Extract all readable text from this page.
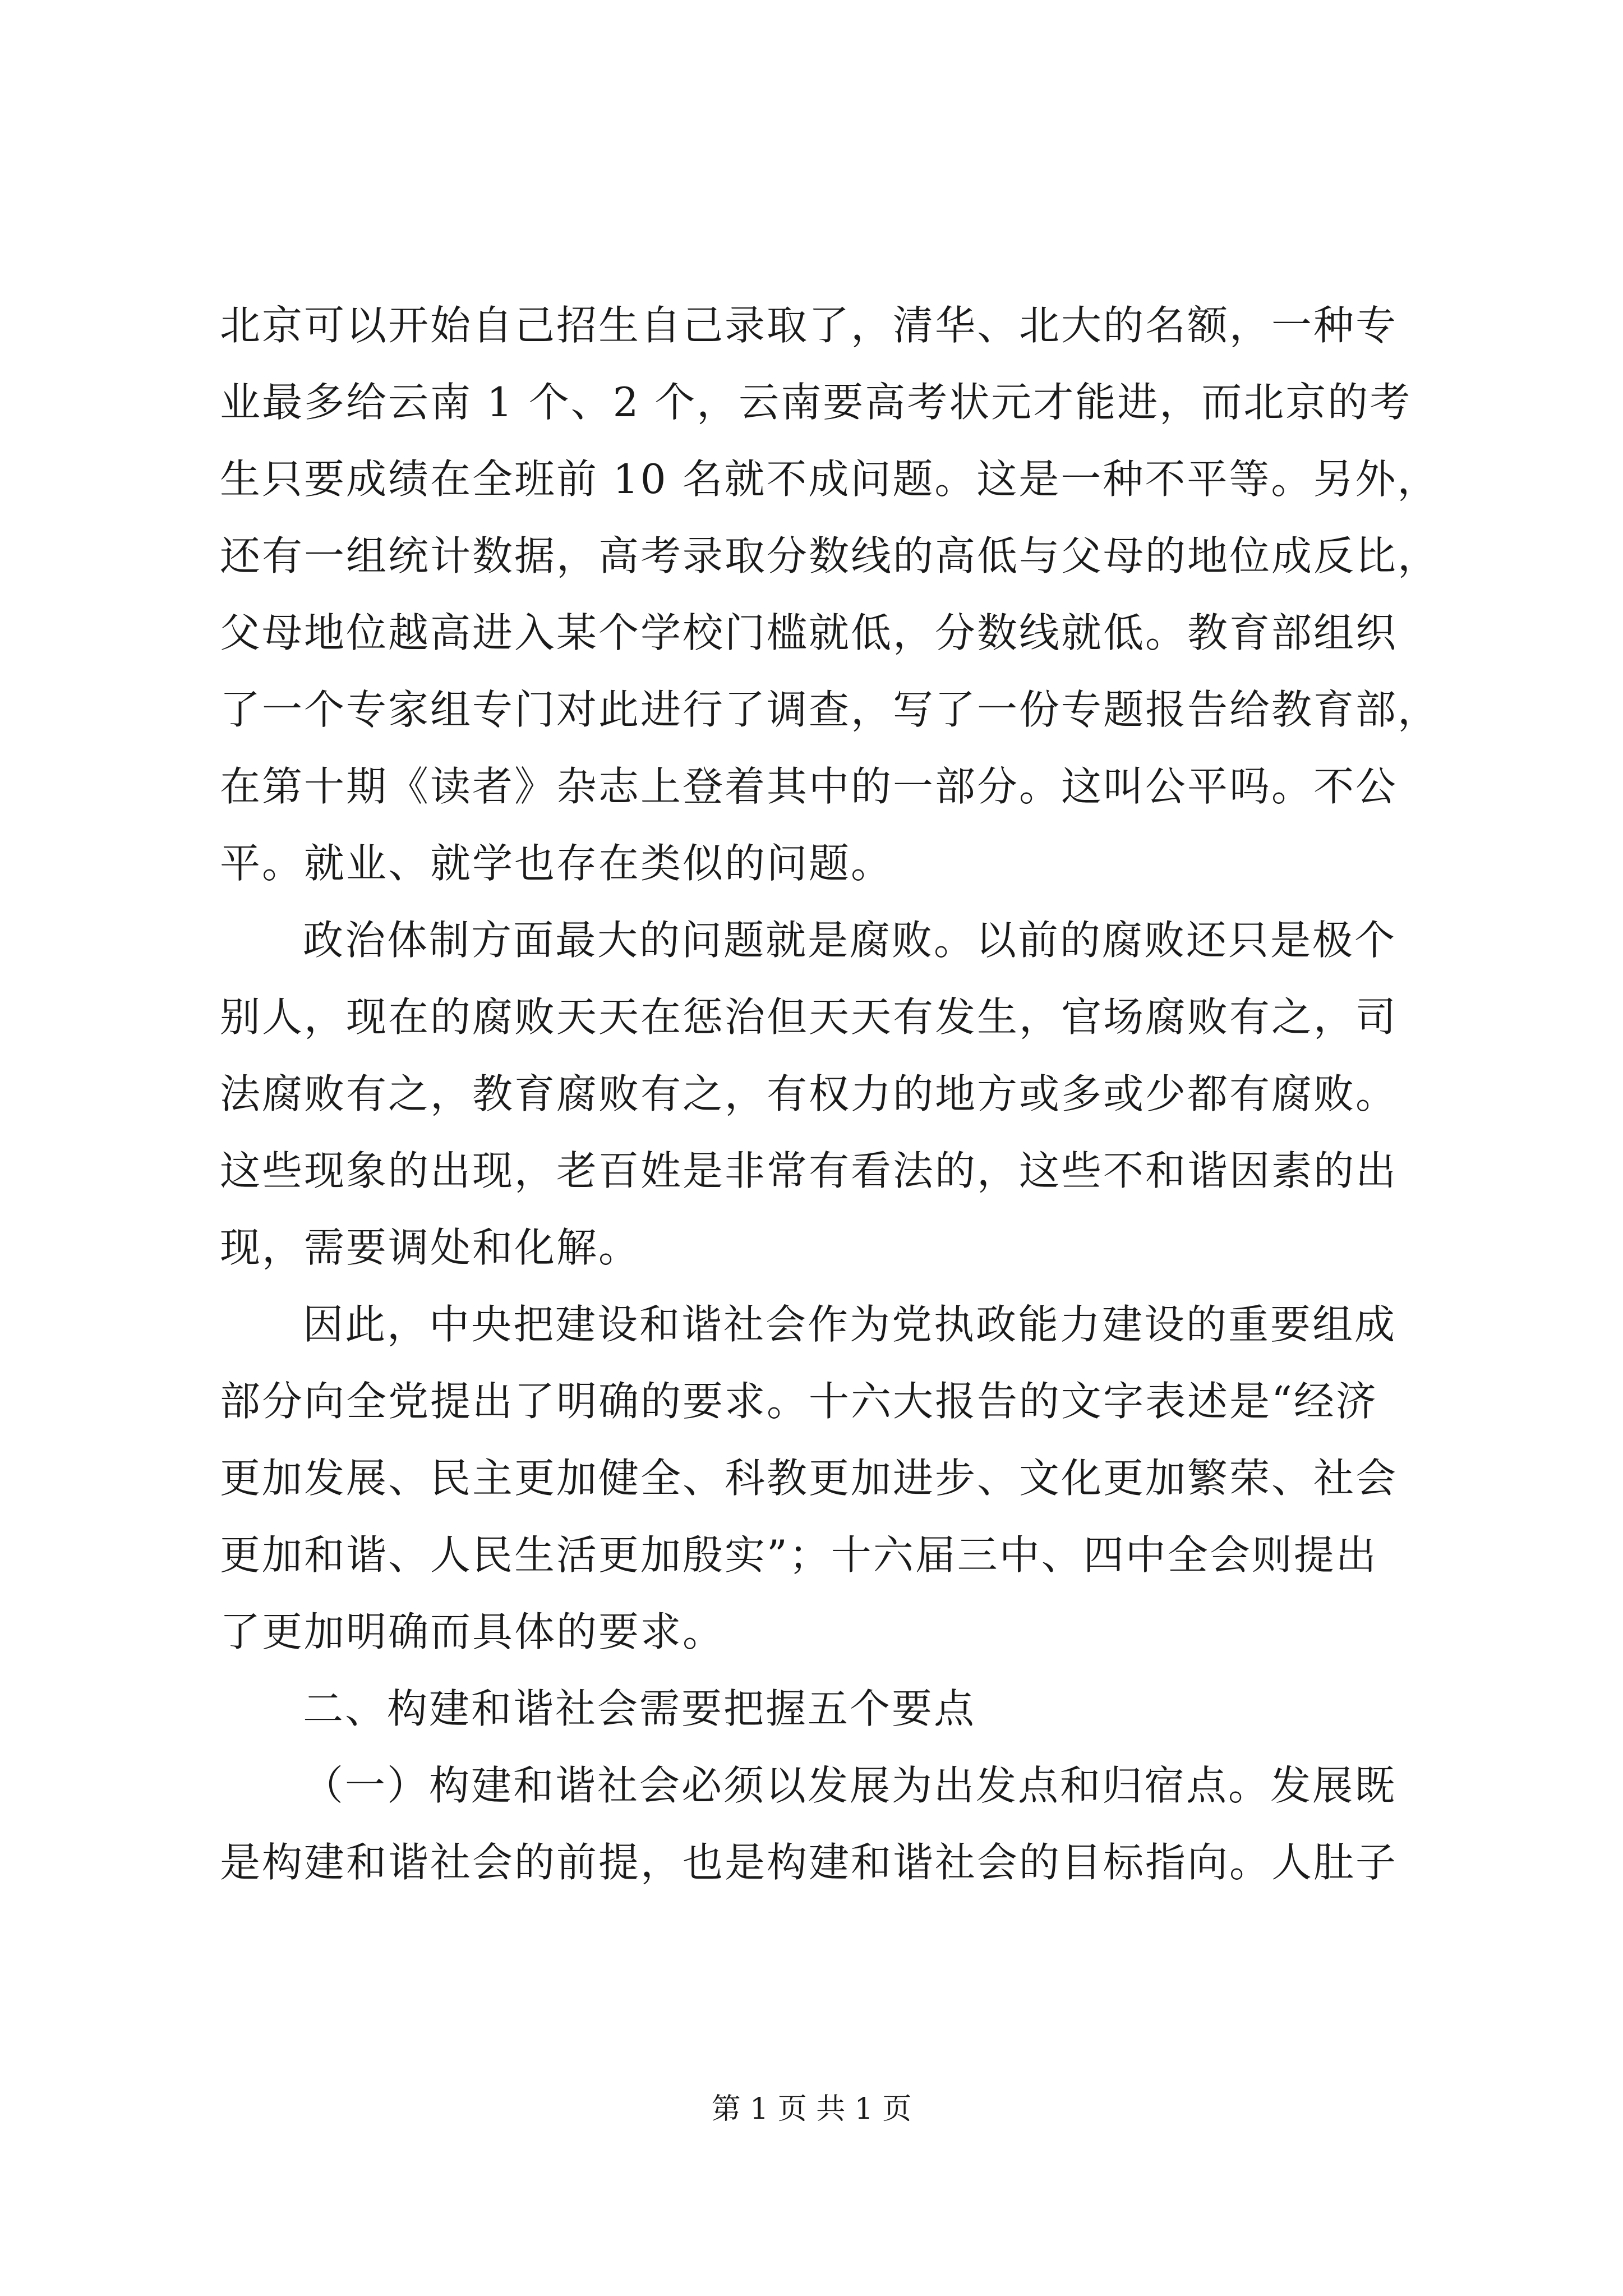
北京可以开始自己招生自己录取了，清华、北大的名额，一种专
业最多给云南 1 个、2 个，云南要高考状元才能进，而北京的考
生只要成绩在全班前 10 名就不成问题。这是一种不平等。另外，
还有一组统计数据，高考录取分数线的高低与父母的地位成反比，
父母地位越高进入某个学校门槛就低，分数线就低。教育部组织
了一个专家组专门对此进行了调查，写了一份专题报告给教育部，
在第十期《读者》杂志上登着其中的一部分。这叫公平吗。不公
平。就业、就学也存在类似的问题。
政治体制方面最大的问题就是腐败。以前的腐败还只是极个
别人，现在的腐败天天在惩治但天天有发生，官场腐败有之，司
法腐败有之，教育腐败有之，有权力的地方或多或少都有腐败。
这些现象的出现，老百姓是非常有看法的，这些不和谐因素的出
现，需要调处和化解。
因此，中央把建设和谐社会作为党执政能力建设的重要组成
部分向全党提出了明确的要求。十六大报告的文字表述是“经济
更加发展、民主更加健全、科教更加进步、文化更加繁荣、社会
更加和谐、人民生活更加殷实”；十六届三中、四中全会则提出
了更加明确而具体的要求。
二、构建和谐社会需要把握五个要点
（一）构建和谐社会必须以发展为出发点和归宿点。发展既
是构建和谐社会的前提，也是构建和谐社会的目标指向。人肚子
第 1 页 共 1 页
